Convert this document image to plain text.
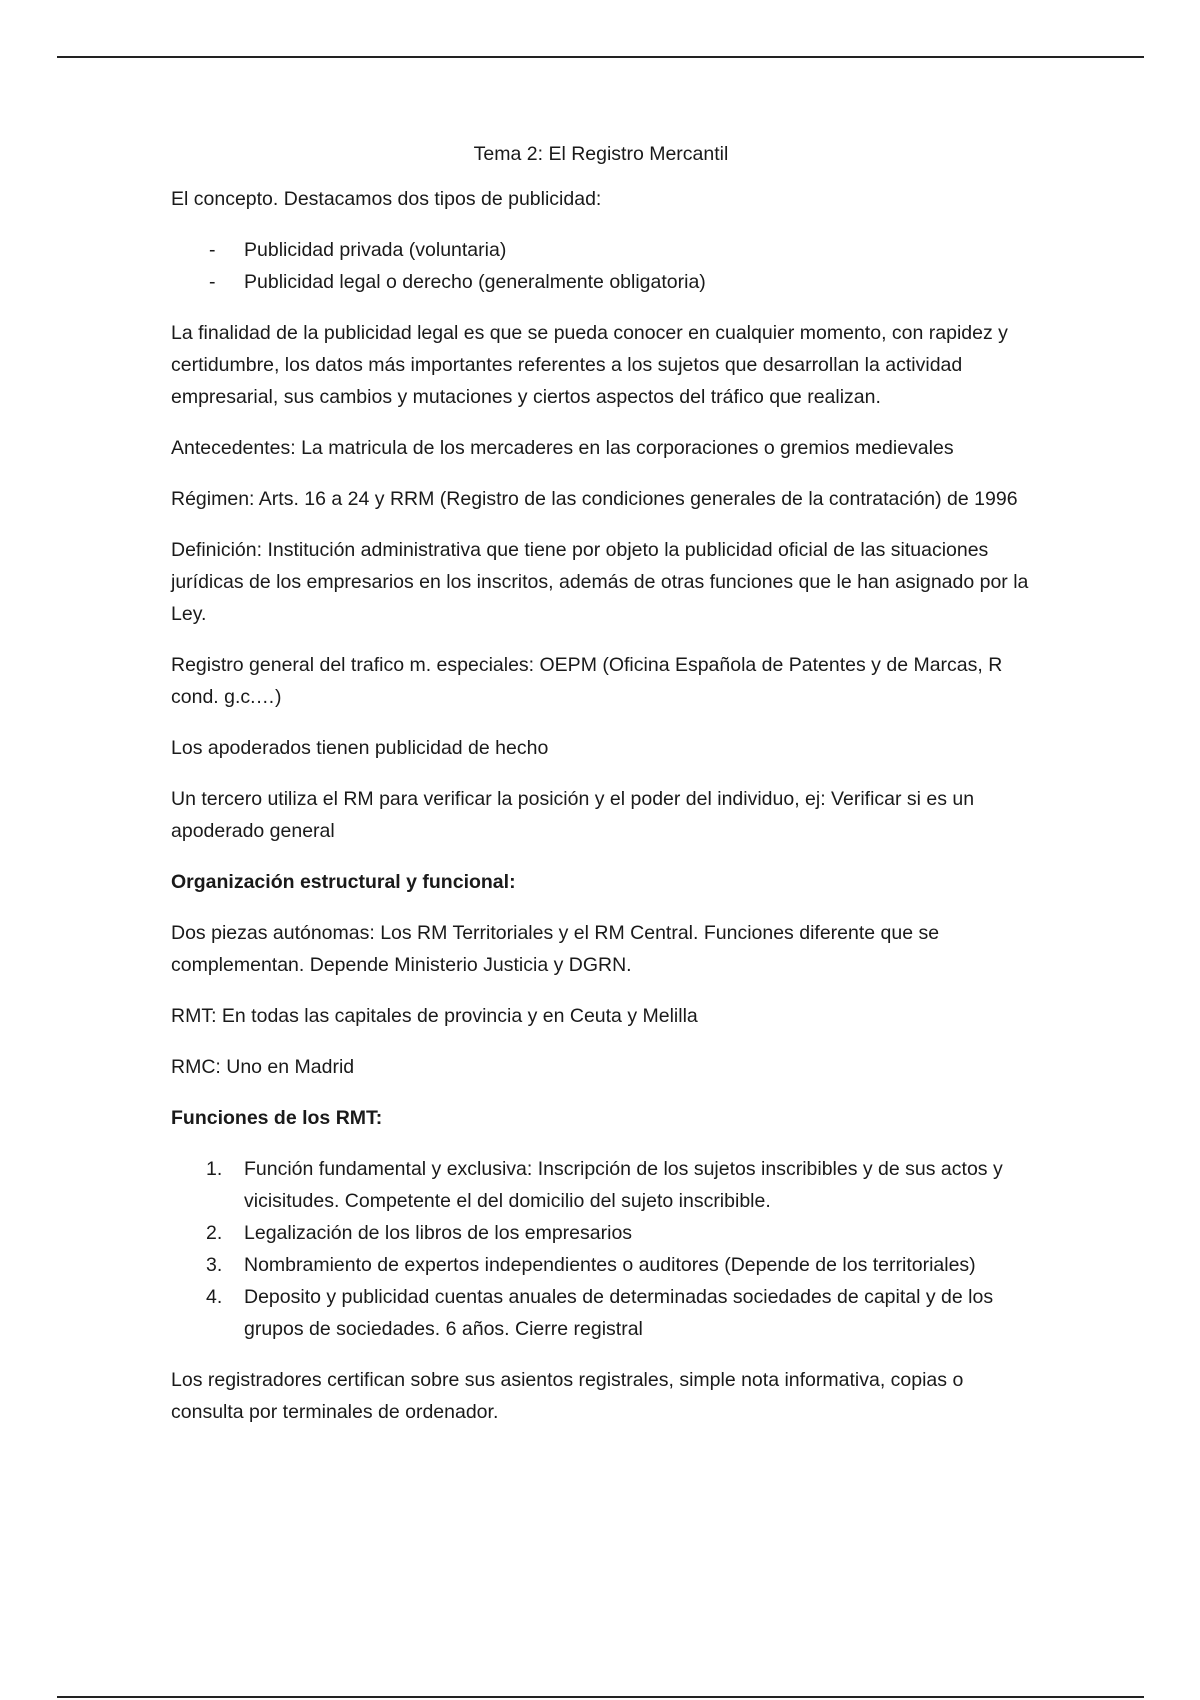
Tema 2: El Registro Mercantil

El concepto. Destacamos dos tipos de publicidad:

- Publicidad privada (voluntaria)
- Publicidad legal o derecho (generalmente obligatoria)

La finalidad de la publicidad legal es que se pueda conocer en cualquier momento, con rapidez y certidumbre, los datos más importantes referentes a los sujetos que desarrollan la actividad empresarial, sus cambios y mutaciones y ciertos aspectos del tráfico que realizan.

Antecedentes: La matricula de los mercaderes en las corporaciones o gremios medievales

Régimen: Arts. 16 a 24 y RRM (Registro de las condiciones generales de la contratación) de 1996

Definición: Institución administrativa que tiene por objeto la publicidad oficial de las situaciones jurídicas de los empresarios en los inscritos, además de otras funciones que le han asignado por la Ley.

Registro general del trafico m. especiales: OEPM (Oficina Española de Patentes y de Marcas, R cond. g.c.…)

Los apoderados tienen publicidad de hecho

Un tercero utiliza el RM para verificar la posición y el poder del individuo, ej: Verificar si es un apoderado general

Organización estructural y funcional:

Dos piezas autónomas: Los RM Territoriales y el RM Central. Funciones diferente que se complementan. Depende Ministerio Justicia y DGRN.

RMT: En todas las capitales de provincia y en Ceuta y Melilla

RMC: Uno en Madrid

Funciones de los RMT:

1. Función fundamental y exclusiva: Inscripción de los sujetos inscribibles y de sus actos y vicisitudes. Competente el del domicilio del sujeto inscribible.
2. Legalización de los libros de los empresarios
3. Nombramiento de expertos independientes o auditores (Depende de los territoriales)
4. Deposito y publicidad cuentas anuales de determinadas sociedades de capital y de los grupos de sociedades. 6 años. Cierre registral

Los registradores certifican sobre sus asientos registrales, simple nota informativa, copias o consulta por terminales de ordenador.
